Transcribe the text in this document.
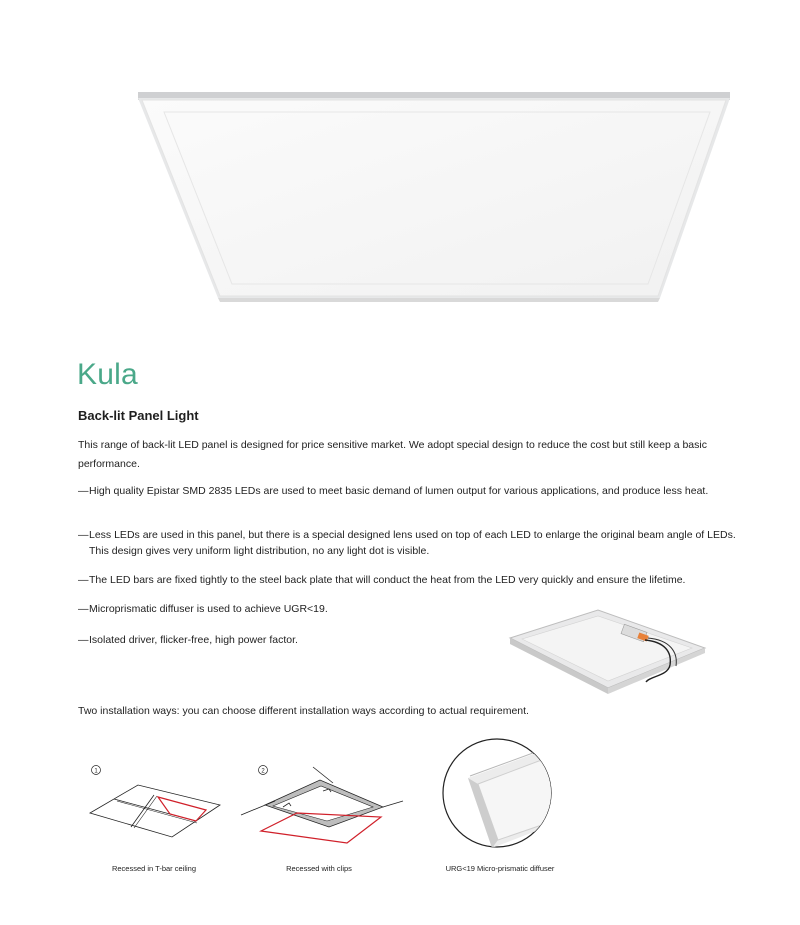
Kula
Back-lit Panel Light

This range of back-lit LED panel is designed for price sensitive market. We adopt special design to reduce the cost but still keep a basic performance.

—High quality Epistar SMD 2835 LEDs are used to meet basic demand of lumen output for various applications, and produce less heat.
—Less LEDs are used in this panel, but there is a special designed lens used on top of each LED to enlarge the original beam angle of LEDs. This design gives very uniform light distribution, no any light dot is visible.
—The LED bars are fixed tightly to the steel back plate that will conduct the heat from the LED very quickly and ensure the lifetime.
—Microprismatic diffuser is used to achieve UGR<19.
—Isolated driver, flicker-free, high power factor.

Two installation ways: you can choose different installation ways according to actual requirement.

1
Recessed in T-bar ceiling
2
Recessed with clips	URG<19 Micro-prismatic diffuser
